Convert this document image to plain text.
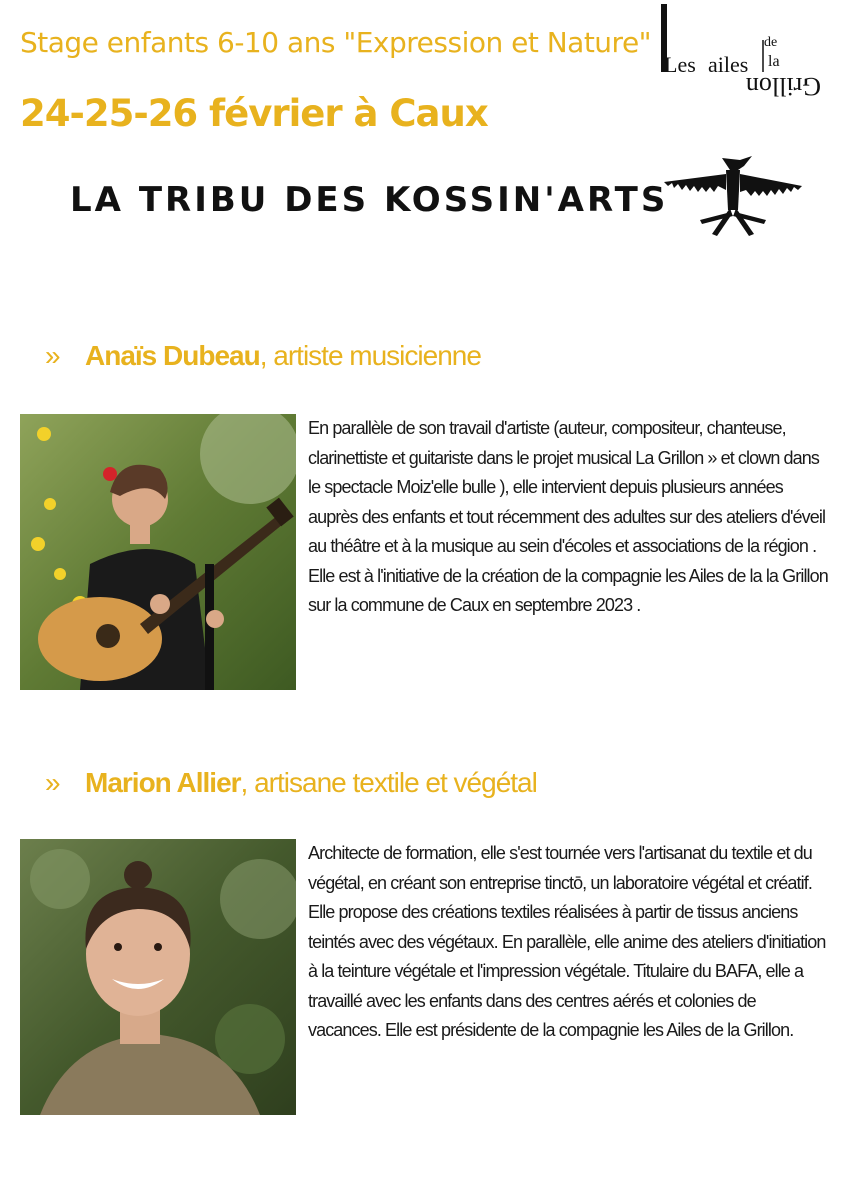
Stage enfants 6-10 ans "Expression et Nature"
24-25-26 février à Caux
Les ailes
de
la
Grillon
LA TRIBU DES KOSSIN'ARTS
» Anaïs Dubeau, artiste musicienne

En parallèle de son travail d'artiste (auteur, compositeur, chanteuse, clarinettiste et guitariste dans le projet musical La Grillon » et clown dans le spectacle Moiz'elle bulle ), elle intervient depuis plusieurs années auprès des enfants et tout récemment des adultes sur des ateliers d'éveil au théâtre et à la musique au sein d'écoles et associations de la région .

Elle est à l'initiative de la création de la compagnie les Ailes de la la Grillon sur la commune de Caux en septembre 2023 .

» Marion Allier, artisane textile et végétal

Architecte de formation, elle s'est tournée vers l'artisanat du textile et du végétal, en créant son entreprise tinctō, un laboratoire végétal et créatif. Elle propose des créations textiles réalisées à partir de tissus anciens teintés avec des végétaux. En parallèle, elle anime des ateliers d'initiation à la teinture végétale et l'impression végétale. Titulaire du BAFA, elle a travaillé avec les enfants dans des centres aérés et colonies de vacances. Elle est présidente de la compagnie les Ailes de la Grillon.
